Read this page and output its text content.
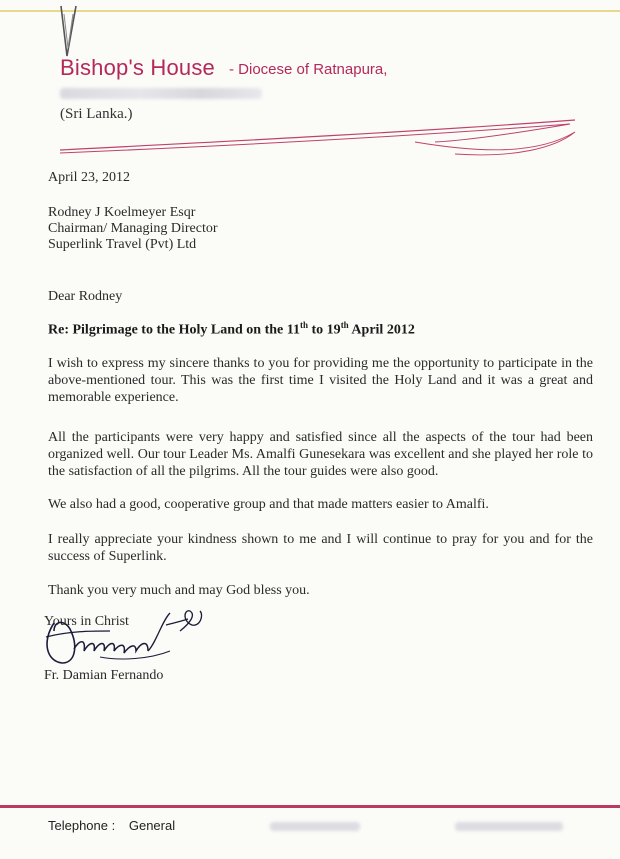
Bishop's House - Diocese of Ratnapura,
(Sri Lanka.)
April 23, 2012
Rodney J Koelmeyer Esqr
Chairman/ Managing Director
Superlink Travel (Pvt) Ltd
Dear Rodney
Re: Pilgrimage to the Holy Land on the 11th to 19th April 2012
I wish to express my sincere thanks to you for providing me the opportunity to participate in the above-mentioned tour. This was the first time I visited the Holy Land and it was a great and memorable experience.
All the participants were very happy and satisfied since all the aspects of the tour had been organized well. Our tour Leader Ms. Amalfi Gunesekara was excellent and she played her role to the satisfaction of all the pilgrims. All the tour guides were also good.
We also had a good, cooperative group and that made matters easier to Amalfi.
I really appreciate your kindness shown to me and I will continue to pray for you and for the success of Superlink.
Thank you very much and may God bless you.
Yours in Christ
Fr. Damian Fernando
Telephone : General
